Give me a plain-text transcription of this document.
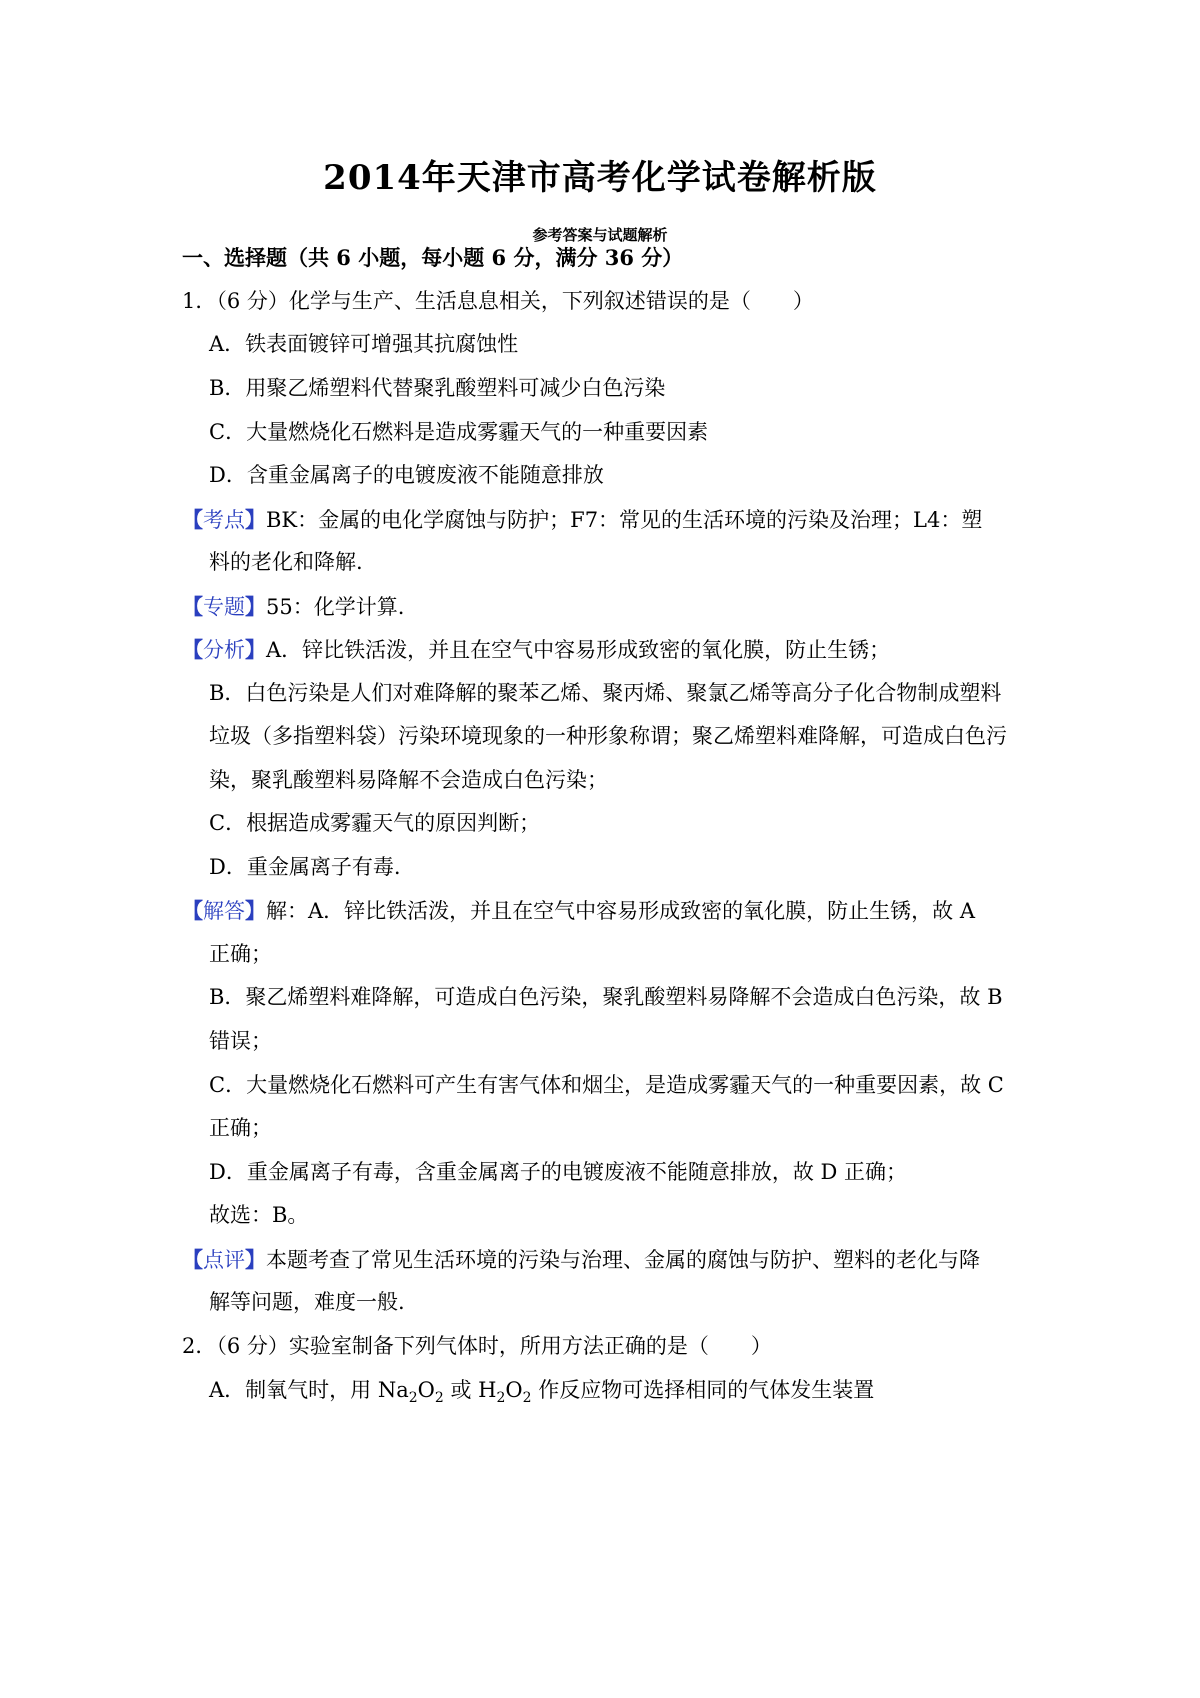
2014年天津市高考化学试卷解析版
参考答案与试题解析
一、选择题（共 6 小题，每小题 6 分，满分 36 分）
1．（6 分）化学与生产、生活息息相关，下列叙述错误的是（　　）
A．铁表面镀锌可增强其抗腐蚀性
B．用聚乙烯塑料代替聚乳酸塑料可减少白色污染
C．大量燃烧化石燃料是造成雾霾天气的一种重要因素
D．含重金属离子的电镀废液不能随意排放
【考点】BK：金属的电化学腐蚀与防护；F7：常见的生活环境的污染及治理；L4：塑
料的老化和降解.
【专题】55：化学计算.
【分析】A．锌比铁活泼，并且在空气中容易形成致密的氧化膜，防止生锈；
B．白色污染是人们对难降解的聚苯乙烯、聚丙烯、聚氯乙烯等高分子化合物制成塑料
垃圾（多指塑料袋）污染环境现象的一种形象称谓；聚乙烯塑料难降解，可造成白色污
染，聚乳酸塑料易降解不会造成白色污染；
C．根据造成雾霾天气的原因判断；
D．重金属离子有毒.
【解答】解：A．锌比铁活泼，并且在空气中容易形成致密的氧化膜，防止生锈，故 A
正确；
B．聚乙烯塑料难降解，可造成白色污染，聚乳酸塑料易降解不会造成白色污染，故 B
错误；
C．大量燃烧化石燃料可产生有害气体和烟尘，是造成雾霾天气的一种重要因素，故 C
正确；
D．重金属离子有毒，含重金属离子的电镀废液不能随意排放，故 D 正确；
故选：B。
【点评】本题考查了常见生活环境的污染与治理、金属的腐蚀与防护、塑料的老化与降
解等问题，难度一般.
2．（6 分）实验室制备下列气体时，所用方法正确的是（　　）
A．制氧气时，用 $Na_2O_2$ 或 $H_2O_2$ 作反应物可选择相同的气体发生装置
